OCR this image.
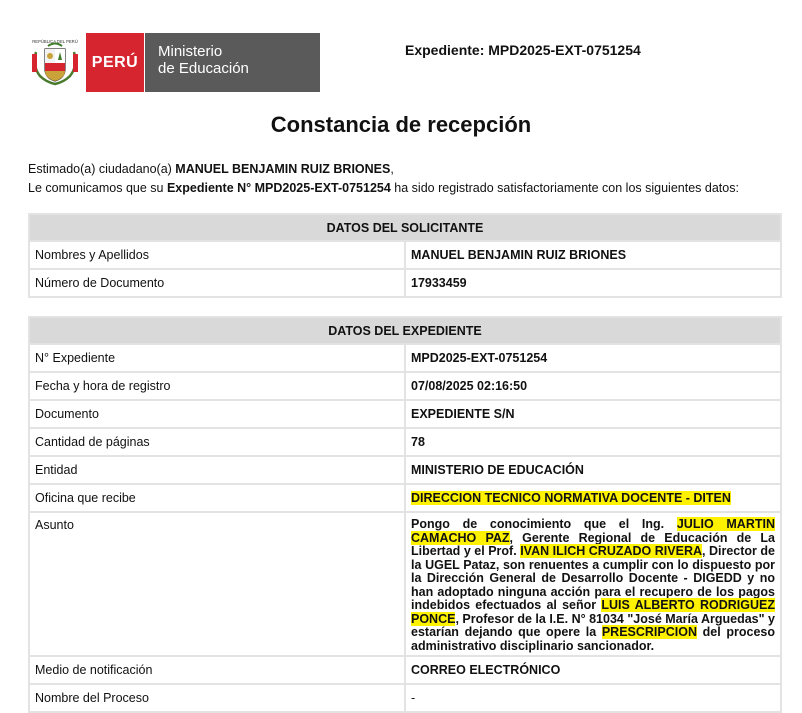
REPÚBLICA DEL PERÚ
PERÚ
Ministerio
de Educación
Expediente: MPD2025-EXT-0751254
Constancia de recepción
Estimado(a) ciudadano(a) MANUEL BENJAMIN RUIZ BRIONES,
Le comunicamos que su Expediente N° MPD2025-EXT-0751254 ha sido registrado satisfactoriamente con los siguientes datos:
DATOS DEL SOLICITANTE	
Nombres y Apellidos	MANUEL BENJAMIN RUIZ BRIONES
Número de Documento	17933459
DATOS DEL EXPEDIENTE	
N° Expediente	MPD2025-EXT-0751254
Fecha y hora de registro	07/08/2025 02:16:50
Documento	EXPEDIENTE S/N
Cantidad de páginas	78
Entidad	MINISTERIO DE EDUCACIÓN
Oficina que recibe	DIRECCION TECNICO NORMATIVA DOCENTE - DITEN
Asunto	Pongo de conocimiento que el Ing. JULIO MARTIN CAMACHO PAZ, Gerente Regional de Educación de La Libertad y el Prof. IVAN ILICH CRUZADO RIVERA, Director de la UGEL Pataz, son renuentes a cumplir con lo dispuesto por la Dirección General de Desarrollo Docente - DIGEDD y no han adoptado ninguna acción para el recupero de los pagos indebidos efectuados al señor LUIS ALBERTO RODRIGUEZ PONCE, Profesor de la I.E. N° 81034 "José María Arguedas" y estarían dejando que opere la PRESCRIPCION del proceso administrativo disciplinario sancionador.
Medio de notificación	CORREO ELECTRÓNICO
Nombre del Proceso	-
